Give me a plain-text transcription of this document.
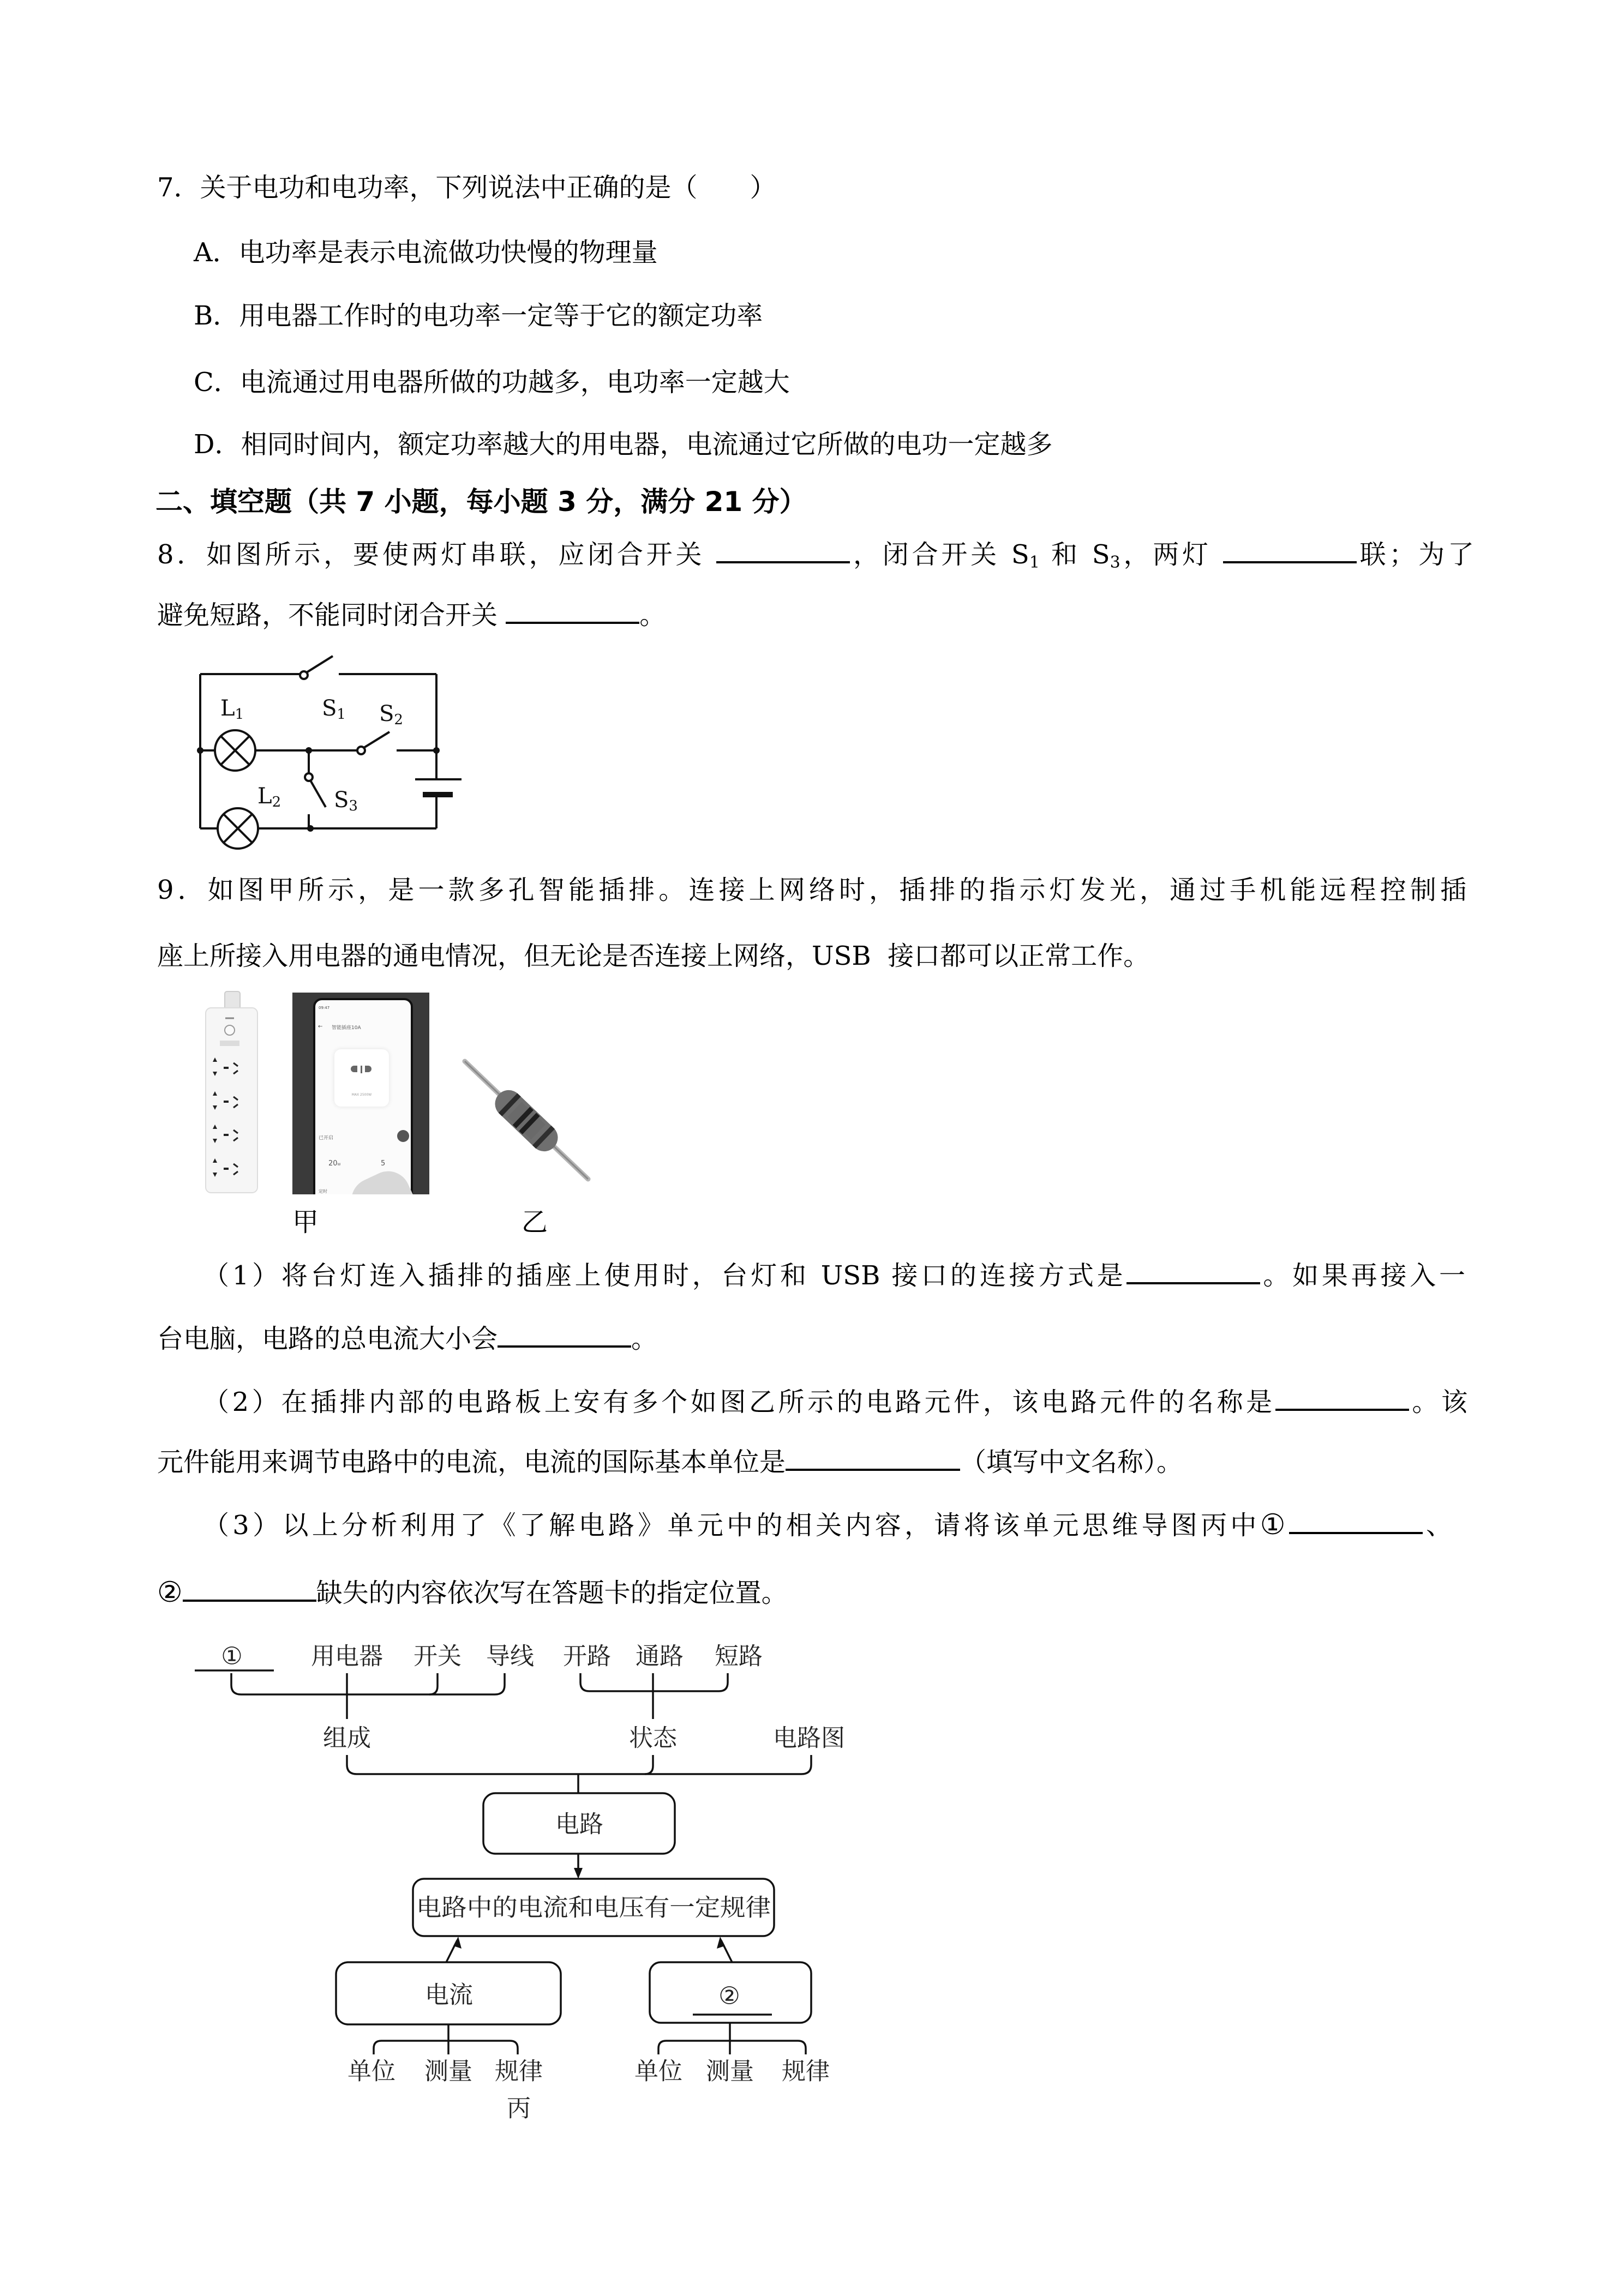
7．关于电功和电功率，下列说法中正确的是（　　）
A．电功率是表示电流做功快慢的物理量
B．用电器工作时的电功率一定等于它的额定功率
C．电流通过用电器所做的功越多，电功率一定越大
D．相同时间内，额定功率越大的用电器，电流通过它所做的电功一定越多
二、填空题（共 7 小题，每小题 3 分，满分 21 分）
8．如图所示，要使两灯串联，应闭合开关	，闭合开关 $S_1$ 和 $S_3$，两灯	联；为了
避免短路，不能同时闭合开关	。
L1	S1 S2
L2 S3
9．如图甲所示，是一款多孔智能插排。连接上网络时，插排的指示灯发光，通过手机能远程控制插
座上所接入用电器的通电情况，但无论是否连接上网络，USB  接口都可以正常工作。
09:47
← 智能插座10A
MAX 2500W
已开启
20W	5
定时
甲	乙
（1）将台灯连入插排的插座上使用时，台灯和 USB 接口的连接方式是	。如果再接入一
台电脑，电路的总电流大小会	。
（2）在插排内部的电路板上安有多个如图乙所示的电路元件，该电路元件的名称是	。该
元件能用来调节电路中的电流，电流的国际基本单位是	（填写中文名称）。
（3）以上分析利用了《了解电路》单元中的相关内容，请将该单元思维导图丙中①	、
②	缺失的内容依次写在答题卡的指定位置。
①	用电器 开关 导线 开路 通路 短路
组成	状态	电路图
电路
电路中的电流和电压有一定规律
电流	②
单位 测量 规律	单位 测量 规律
丙
